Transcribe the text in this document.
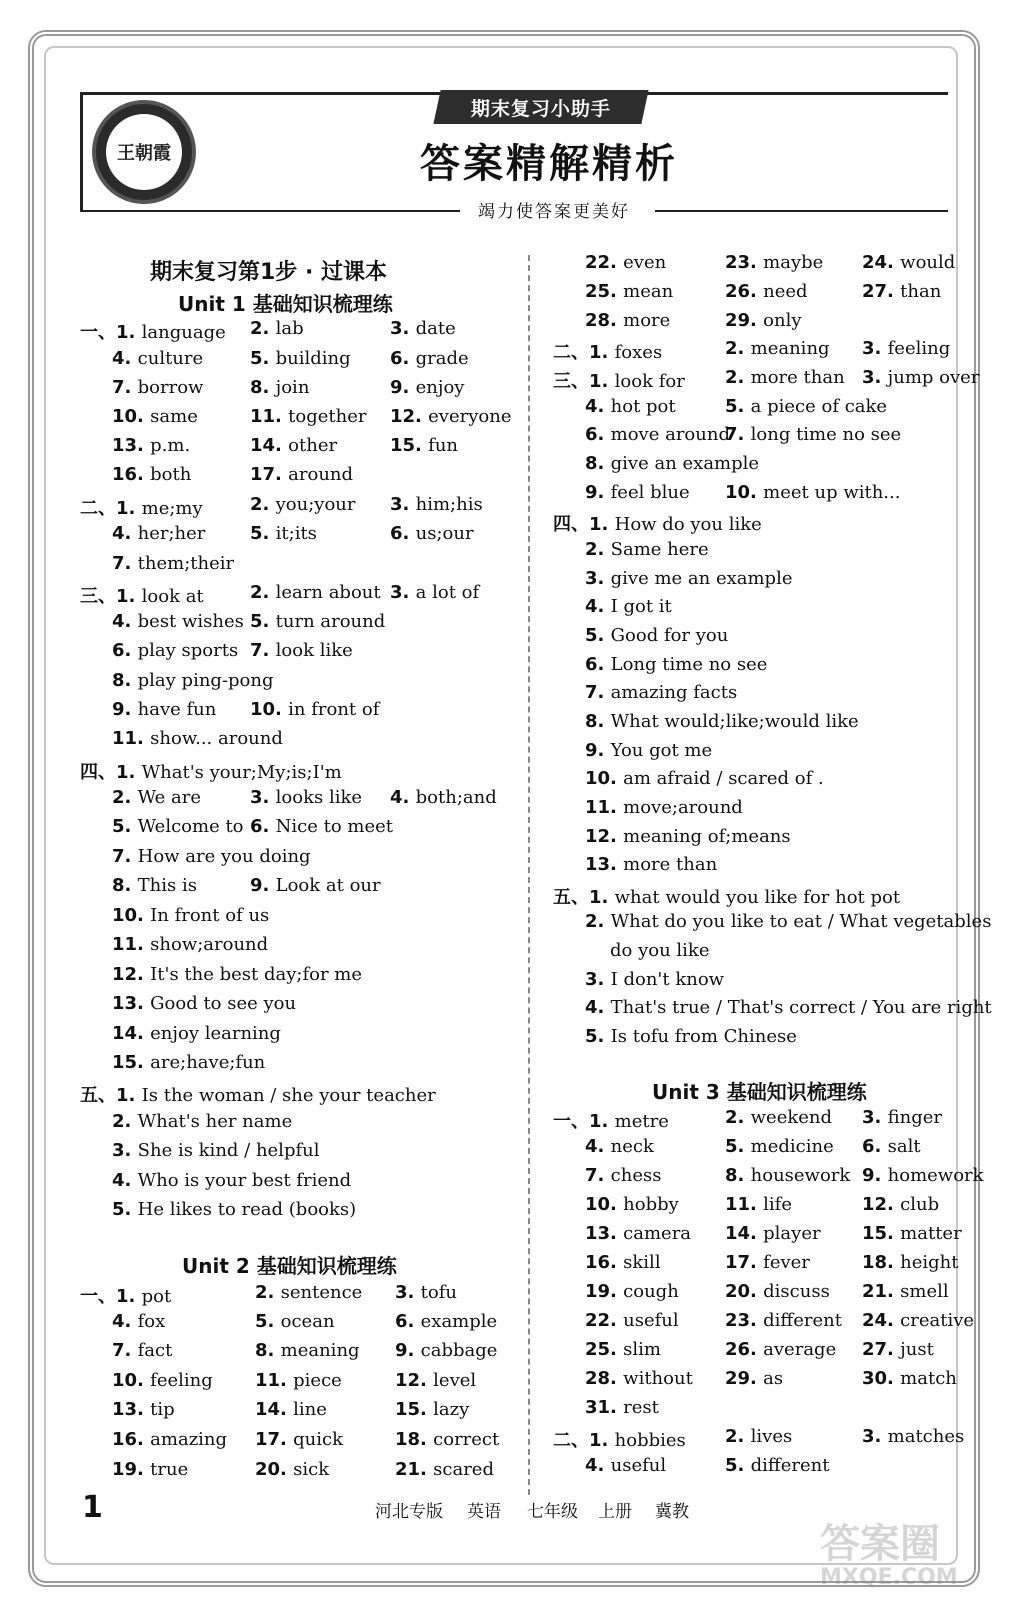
王朝霞
期末复习小助手
答案精解精析
竭力使答案更美好
期末复习第1步 · 过课本
Unit 1 基础知识梳理练
Unit 2 基础知识梳理练
Unit 3 基础知识梳理练
一、1. language 2. lab	3. date
4. culture	5. building 6. grade
7. borrow	8. join	9. enjoy
10. same	11. together 12. everyone
13. p.m.	14. other	15. fun
16. both	17. around
二、1. me;my	2. you;your 3. him;his
4. her;her 5. it;its	6. us;our
7. them;their
三、1. look at	2. learn about 3. a lot of
4. best wishes 5. turn around
6. play sports 7. look like
8. play ping-pong
9. have fun 10. in front of
11. show... around
四、1. What's your;My;is;I'm
2. We are	3. looks like 4. both;and
5. Welcome to 6. Nice to meet
7. How are you doing
8. This is	9. Look at our
10. In front of us
11. show;around
12. It's the best day;for me
13. Good to see you
14. enjoy learning
15. are;have;fun
五、1. Is the woman / she your teacher
2. What's her name
3. She is kind / helpful
4. Who is your best friend
5. He likes to read (books)
一、1. pot	2. sentence 3. tofu
4. fox	5. ocean	6. example
7. fact	8. meaning 9. cabbage
10. feeling 11. piece	12. level
13. tip	14. line	15. lazy
16. amazing 17. quick	18. correct
19. true	20. sick	21. scared
22. even	23. maybe 24. would
25. mean	26. need	27. than
28. more	29. only
二、1. foxes	2. meaning 3. feeling
三、1. look for 2. more than 3. jump over
4. hot pot	5. a piece of cake
6. move around
7. long time no see
8. give an example
9. feel blue 10. meet up with...
四、1. How do you like
2. Same here
3. give me an example
4. I got it
5. Good for you
6. Long time no see
7. amazing facts
8. What would;like;would like
9. You got me
10. am afraid / scared of .
11. move;around
12. meaning of;means
13. more than
五、1. what would you like for hot pot
2. What do you like to eat / What vegetables
do you like
3. I don't know
4. That's true / That's correct / You are right
5. Is tofu from Chinese
一、1. metre	2. weekend 3. finger
4. neck	5. medicine 6. salt
7. chess	8. housework 9. homework
10. hobby	11. life	12. club
13. camera 14. player 15. matter
16. skill	17. fever	18. height
19. cough	20. discuss 21. smell
22. useful	23. different 24. creative
25. slim	26. average 27. just
28. without 29. as	30. match
31. rest
二、1. hobbies 2. lives	3. matches
4. useful	5. different
1	河北专版 英语 七年级 上册 冀教
答案圈
MXQE.COM
